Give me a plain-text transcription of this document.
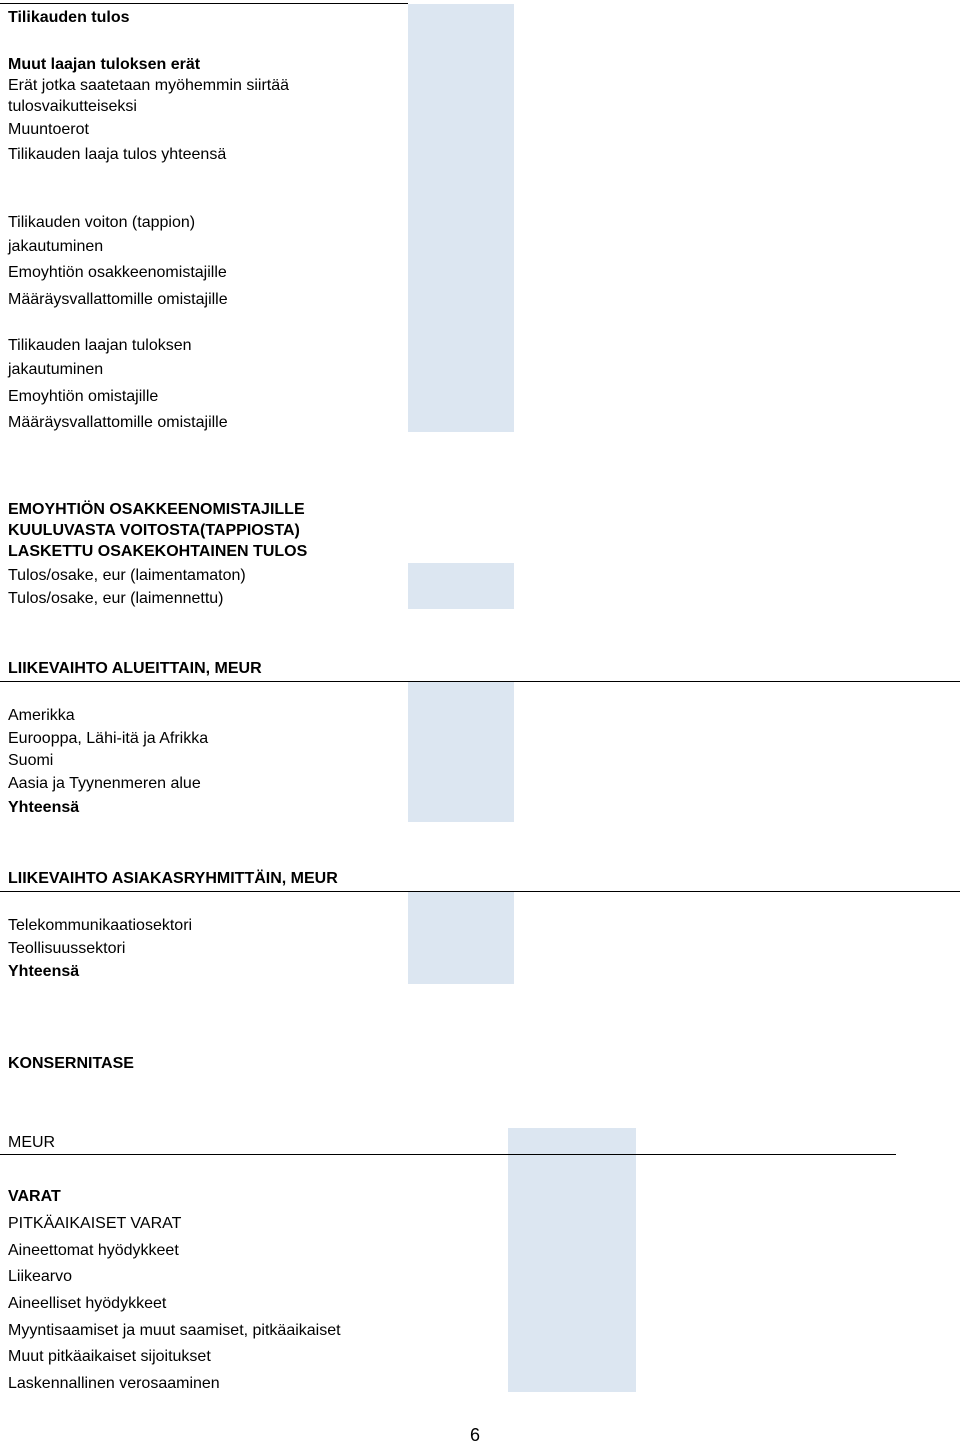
Tilikauden tulos
Muut laajan tuloksen erät
Erät jotka saatetaan myöhemmin siirtää
tulosvaikutteiseksi
Muuntoerot
Tilikauden laaja tulos yhteensä
Tilikauden voiton (tappion)
jakautuminen
Emoyhtiön osakkeenomistajille
Määräysvallattomille omistajille
Tilikauden laajan tuloksen
jakautuminen
Emoyhtiön omistajille
Määräysvallattomille omistajille
EMOYHTIÖN OSAKKEENOMISTAJILLE
KUULUVASTA VOITOSTA(TAPPIOSTA)
LASKETTU OSAKEKOHTAINEN TULOS
Tulos/osake, eur (laimentamaton)
Tulos/osake, eur (laimennettu)
LIIKEVAIHTO ALUEITTAIN, MEUR
Amerikka
Eurooppa, Lähi-itä ja Afrikka
Suomi
Aasia ja Tyynenmeren alue
Yhteensä
LIIKEVAIHTO ASIAKASRYHMITTÄIN, MEUR
Telekommunikaatiosektori
Teollisuussektori
Yhteensä
KONSERNITASE
MEUR
VARAT
PITKÄAIKAISET VARAT
Aineettomat hyödykkeet
Liikearvo
Aineelliset hyödykkeet
Myyntisaamiset ja muut saamiset, pitkäaikaiset
Muut pitkäaikaiset sijoitukset
Laskennallinen verosaaminen
6
